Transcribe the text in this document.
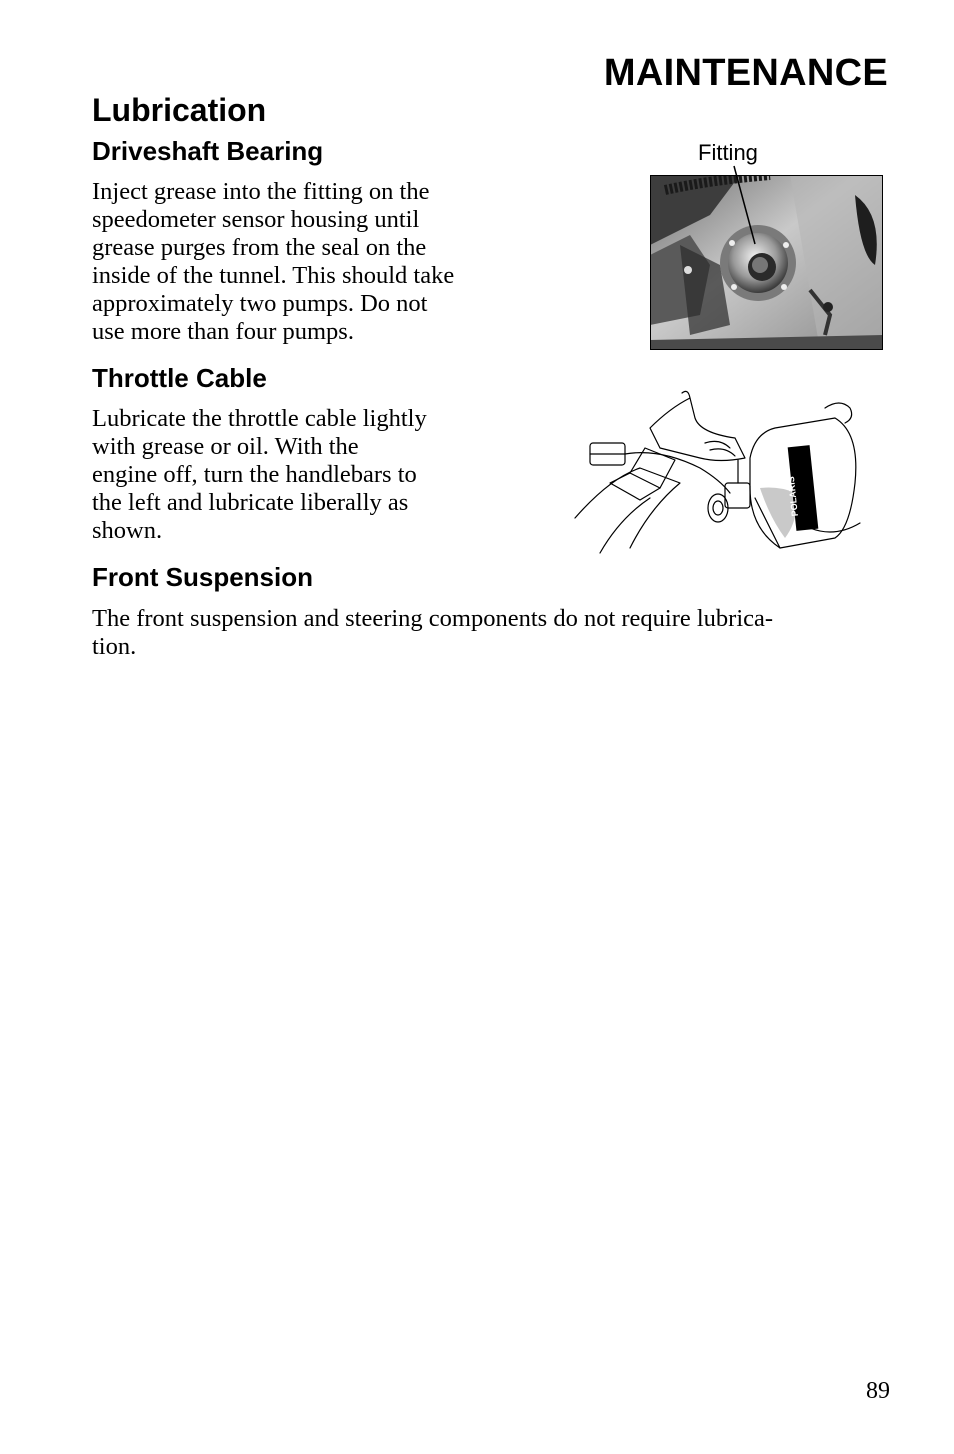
MAINTENANCE
Lubrication
Driveshaft Bearing
Inject grease into the fitting on the
speedometer sensor housing until
grease purges from the seal on the
inside of the tunnel. This should take
approximately two pumps. Do not
use more than four pumps.
Fitting
Throttle Cable
Lubricate the throttle cable lightly
with grease or oil. With the
engine off, turn the handlebars to
the left and lubricate liberally as
shown.
POLARIS
Front Suspension
The front suspension and steering components do not require lubrica-
tion.
89
